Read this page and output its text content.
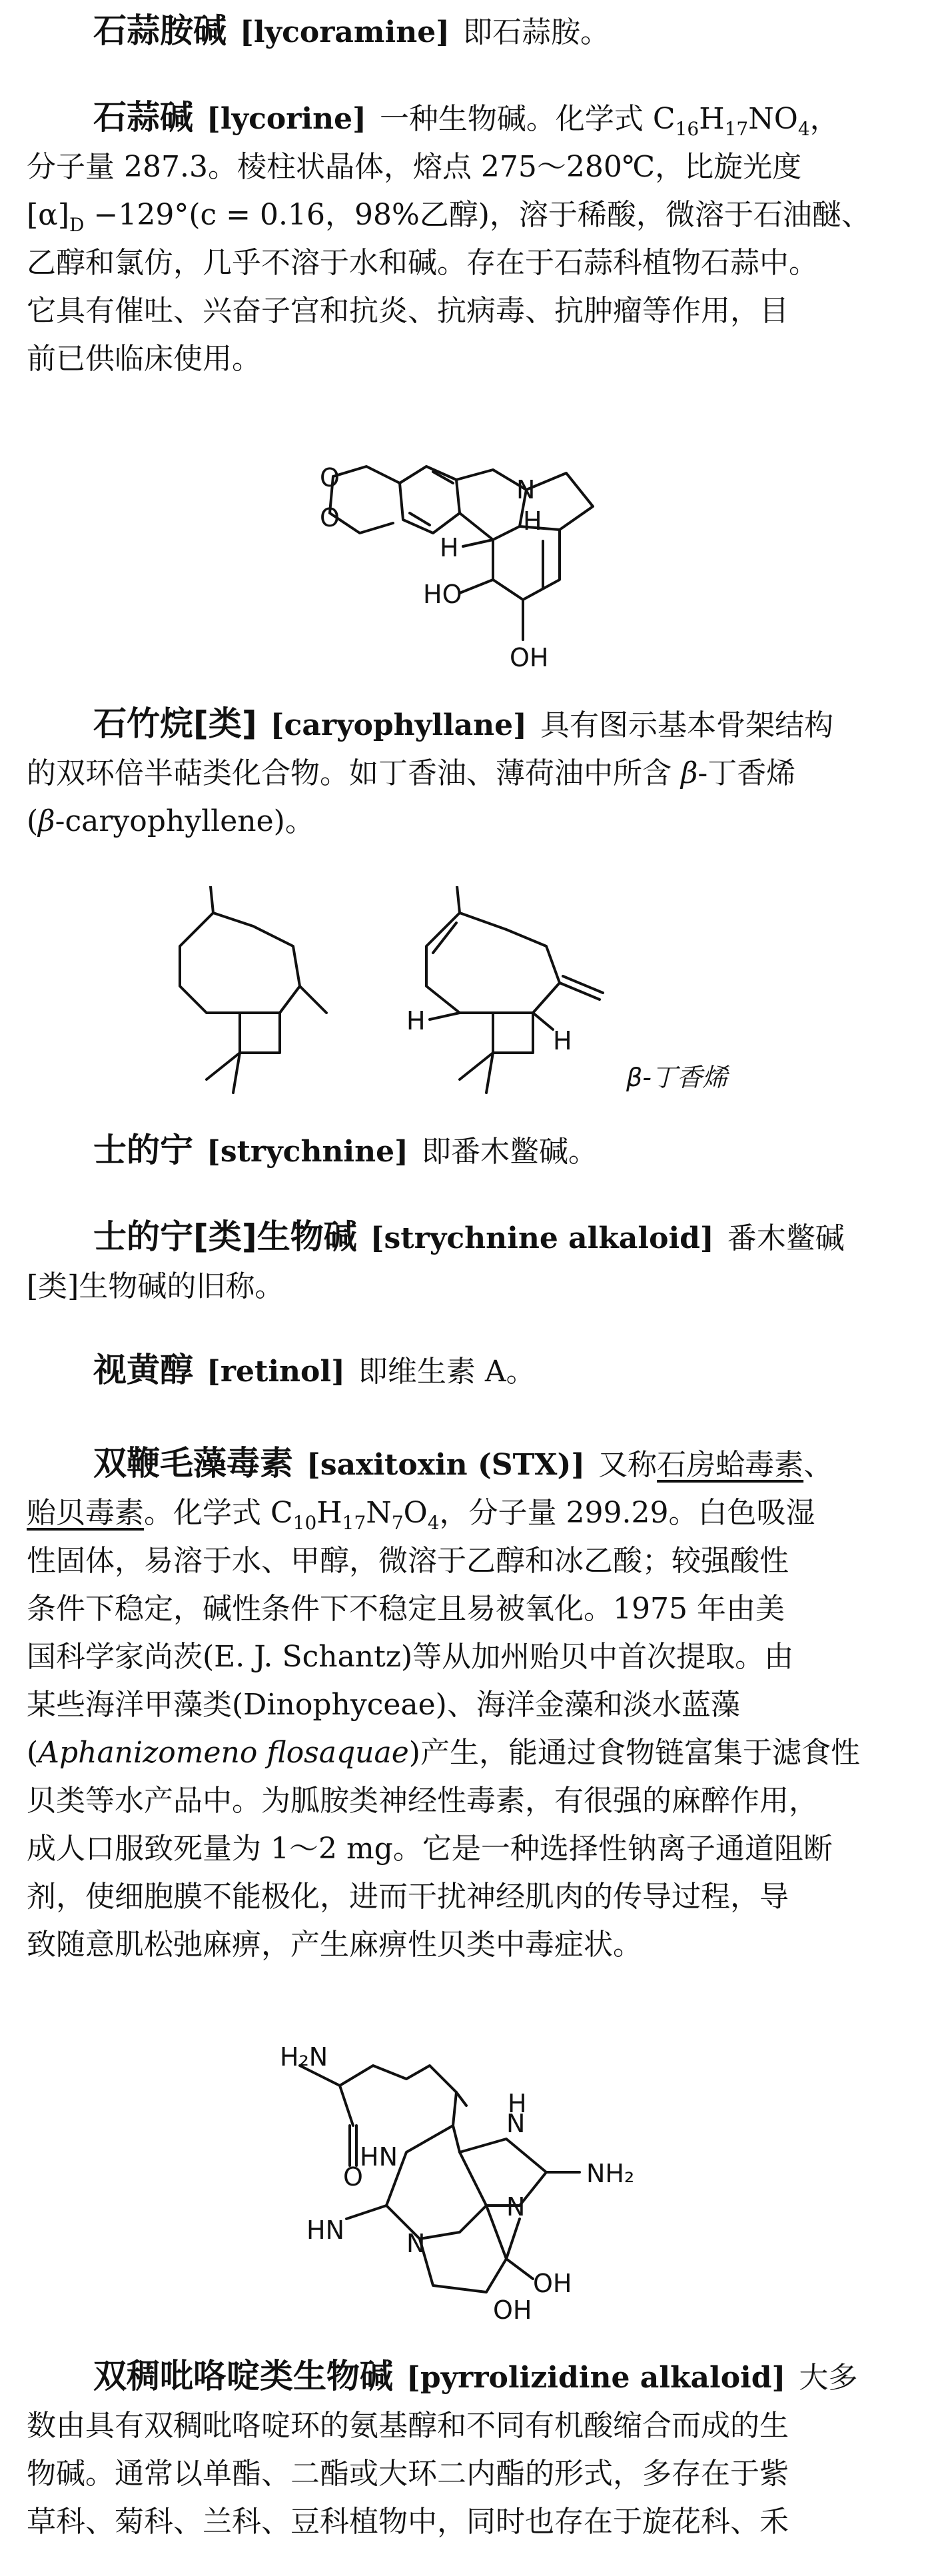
石蒜胺碱 [lycoramine] 即石蒜胺。
石蒜碱 [lycorine] 一种生物碱。化学式 $C_{16}H_{17}NO_4$，
分子量 287.3。棱柱状晶体，熔点 275～280℃，比旋光度
$[\alpha]_D -129^\circ(c = 0.16$，98%乙醇)，溶于稀酸，微溶于石油醚、
乙醇和氯仿，几乎不溶于水和碱。存在于石蒜科植物石蒜中。
它具有催吐、兴奋子宫和抗炎、抗病毒、抗肿瘤等作用，目
前已供临床使用。
N
O
O
H
H
HO
OH
石竹烷[类] [caryophyllane] 具有图示基本骨架结构
的双环倍半萜类化合物。如丁香油、薄荷油中所含 β-丁香烯
(β-caryophyllene)。
H
H
β-丁香烯
士的宁 [strychnine] 即番木鳖碱。
士的宁[类]生物碱 [strychnine alkaloid] 番木鳖碱
[类]生物碱的旧称。
视黄醇 [retinol] 即维生素 A。
双鞭毛藻毒素 [saxitoxin (STX)] 又称石房蛤毒素、
贻贝毒素。化学式 $C_{10}H_{17}N_7O_4$，分子量 299.29。白色吸湿
性固体，易溶于水、甲醇，微溶于乙醇和冰乙酸；较强酸性
条件下稳定，碱性条件下不稳定且易被氧化。1975 年由美
国科学家尚茨(E. J. Schantz)等从加州贻贝中首次提取。由
某些海洋甲藻类(Dinophyceae)、海洋金藻和淡水蓝藻
(Aphanizomeno flosaquae)产生，能通过食物链富集于滤食性
贝类等水产品中。为胍胺类神经性毒素，有很强的麻醉作用，
成人口服致死量为 1～2 mg。它是一种选择性钠离子通道阻断
剂，使细胞膜不能极化，进而干扰神经肌肉的传导过程，导
致随意肌松弛麻痹，产生麻痹性贝类中毒症状。
H₂N
O
HN
HN
NH₂
N
N
N
H
OH
OH
双稠吡咯啶类生物碱 [pyrrolizidine alkaloid] 大多
数由具有双稠吡咯啶环的氨基醇和不同有机酸缩合而成的生
物碱。通常以单酯、二酯或大环二内酯的形式，多存在于紫
草科、菊科、兰科、豆科植物中，同时也存在于旋花科、禾
